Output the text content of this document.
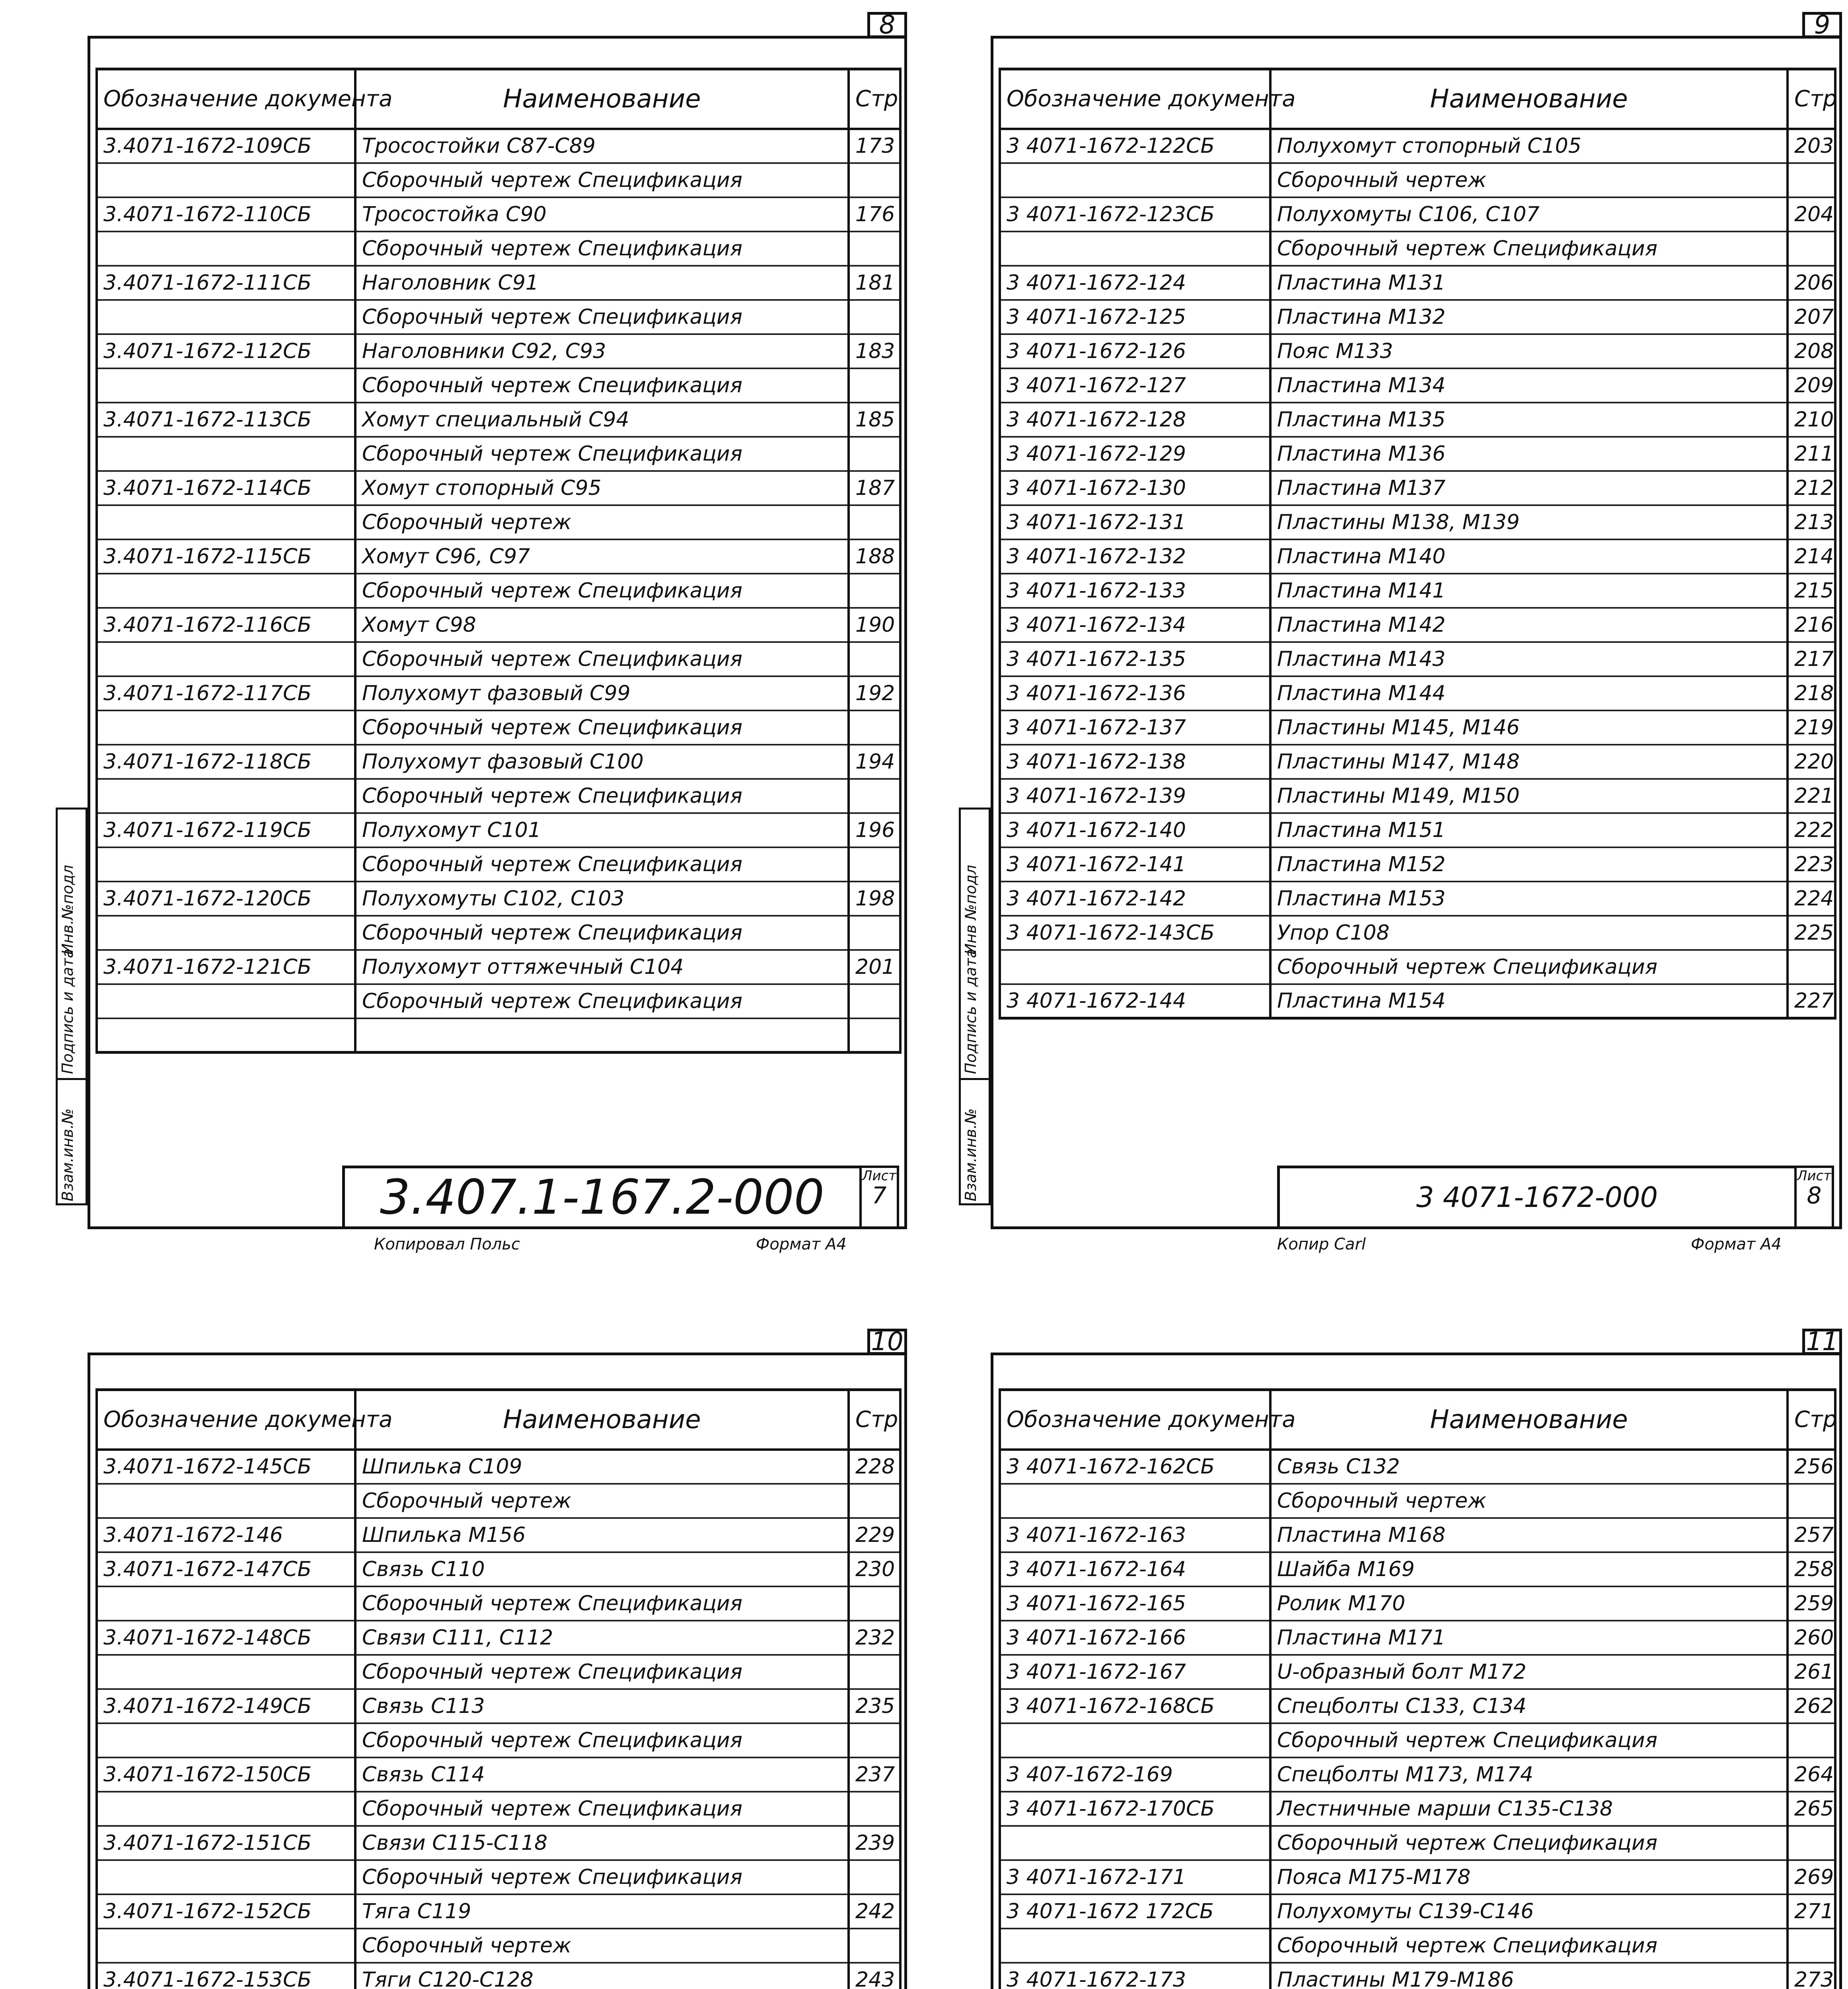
8
Обозначение документа	Наименование	Стр
3.4071-1672-109СБ	Тросостойки С87-С89	173
	Сборочный чертеж Спецификация	
3.4071-1672-110СБ	Тросостойка С90	176
	Сборочный чертеж Спецификация	
3.4071-1672-111СБ	Наголовник С91	181
	Сборочный чертеж Спецификация	
3.4071-1672-112СБ	Наголовники С92, С93	183
	Сборочный чертеж Спецификация	
3.4071-1672-113СБ	Хомут специальный С94	185
	Сборочный чертеж Спецификация	
3.4071-1672-114СБ	Хомут стопорный С95	187
	Сборочный чертеж	
3.4071-1672-115СБ	Хомут С96, С97	188
	Сборочный чертеж Спецификация	
3.4071-1672-116СБ	Хомут С98	190
	Сборочный чертеж Спецификация	
3.4071-1672-117СБ	Полухомут фазовый С99	192
	Сборочный чертеж Спецификация	
3.4071-1672-118СБ	Полухомут фазовый С100	194
	Сборочный чертеж Спецификация	
3.4071-1672-119СБ	Полухомут С101	196
	Сборочный чертеж Спецификация	
3.4071-1672-120СБ	Полухомуты С102, С103	198
	Сборочный чертеж Спецификация	
3.4071-1672-121СБ	Полухомут оттяжечный С104	201
	Сборочный чертеж Спецификация	

3.407.1-167.2-000	Лист
7
Копировал Польс	Формат А4
Инв.№подл
Подпись и дата
Взам.инв.№
9
Обозначение документа	Наименование	Стр
3 4071-1672-122СБ	Полухомут стопорный С105	203
	Сборочный чертеж	
3 4071-1672-123СБ	Полухомуты С106, С107	204
	Сборочный чертеж Спецификация	
3 4071-1672-124	Пластина М131	206
3 4071-1672-125	Пластина М132	207
3 4071-1672-126	Пояс М133	208
3 4071-1672-127	Пластина М134	209
3 4071-1672-128	Пластина М135	210
3 4071-1672-129	Пластина М136	211
3 4071-1672-130	Пластина М137	212
3 4071-1672-131	Пластины М138, М139	213
3 4071-1672-132	Пластина М140	214
3 4071-1672-133	Пластина М141	215
3 4071-1672-134	Пластина М142	216
3 4071-1672-135	Пластина М143	217
3 4071-1672-136	Пластина М144	218
3 4071-1672-137	Пластины М145, М146	219
3 4071-1672-138	Пластины М147, М148	220
3 4071-1672-139	Пластины М149, М150	221
3 4071-1672-140	Пластина М151	222
3 4071-1672-141	Пластина М152	223
3 4071-1672-142	Пластина М153	224
3 4071-1672-143СБ	Упор С108	225
	Сборочный чертеж Спецификация	
3 4071-1672-144	Пластина М154	227
3 4071-1672-000
Лист
8
Копир Carl	Формат А4
Инв №подл
Подпись и дата
Взам.инв.№
10
Обозначение документа	Наименование	Стр
3.4071-1672-145СБ	Шпилька С109	228
	Сборочный чертеж	
3.4071-1672-146	Шпилька М156	229
3.4071-1672-147СБ	Связь С110	230
	Сборочный чертеж Спецификация	
3.4071-1672-148СБ	Связи С111, С112	232
	Сборочный чертеж Спецификация	
3.4071-1672-149СБ	Связь С113	235
	Сборочный чертеж Спецификация	
3.4071-1672-150СБ	Связь С114	237
	Сборочный чертеж Спецификация	
3.4071-1672-151СБ	Связи С115-С118	239
	Сборочный чертеж Спецификация	
3.4071-1672-152СБ	Тяга С119	242
	Сборочный чертеж	
3.4071-1672-153СБ	Тяги С120-С128	243

11
Обозначение документа	Наименование	Стр
3 4071-1672-162СБ	Связь С132	256
	Сборочный чертеж	
3 4071-1672-163	Пластина М168	257
3 4071-1672-164	Шайба М169	258
3 4071-1672-165	Ролик М170	259
3 4071-1672-166	Пластина М171	260
3 4071-1672-167	U-образный болт М172	261
3 4071-1672-168СБ	Спецболты С133, С134	262
	Сборочный чертеж Спецификация	
3 407-1672-169	Спецболты М173, М174	264
3 4071-1672-170СБ	Лестничные марши С135-С138	265
	Сборочный чертеж Спецификация	
3 4071-1672-171	Пояса М175-М178	269
3 4071-1672 172СБ	Полухомуты С139-С146	271
	Сборочный чертеж Спецификация	
3 4071-1672-173	Пластины М179-М186	273
